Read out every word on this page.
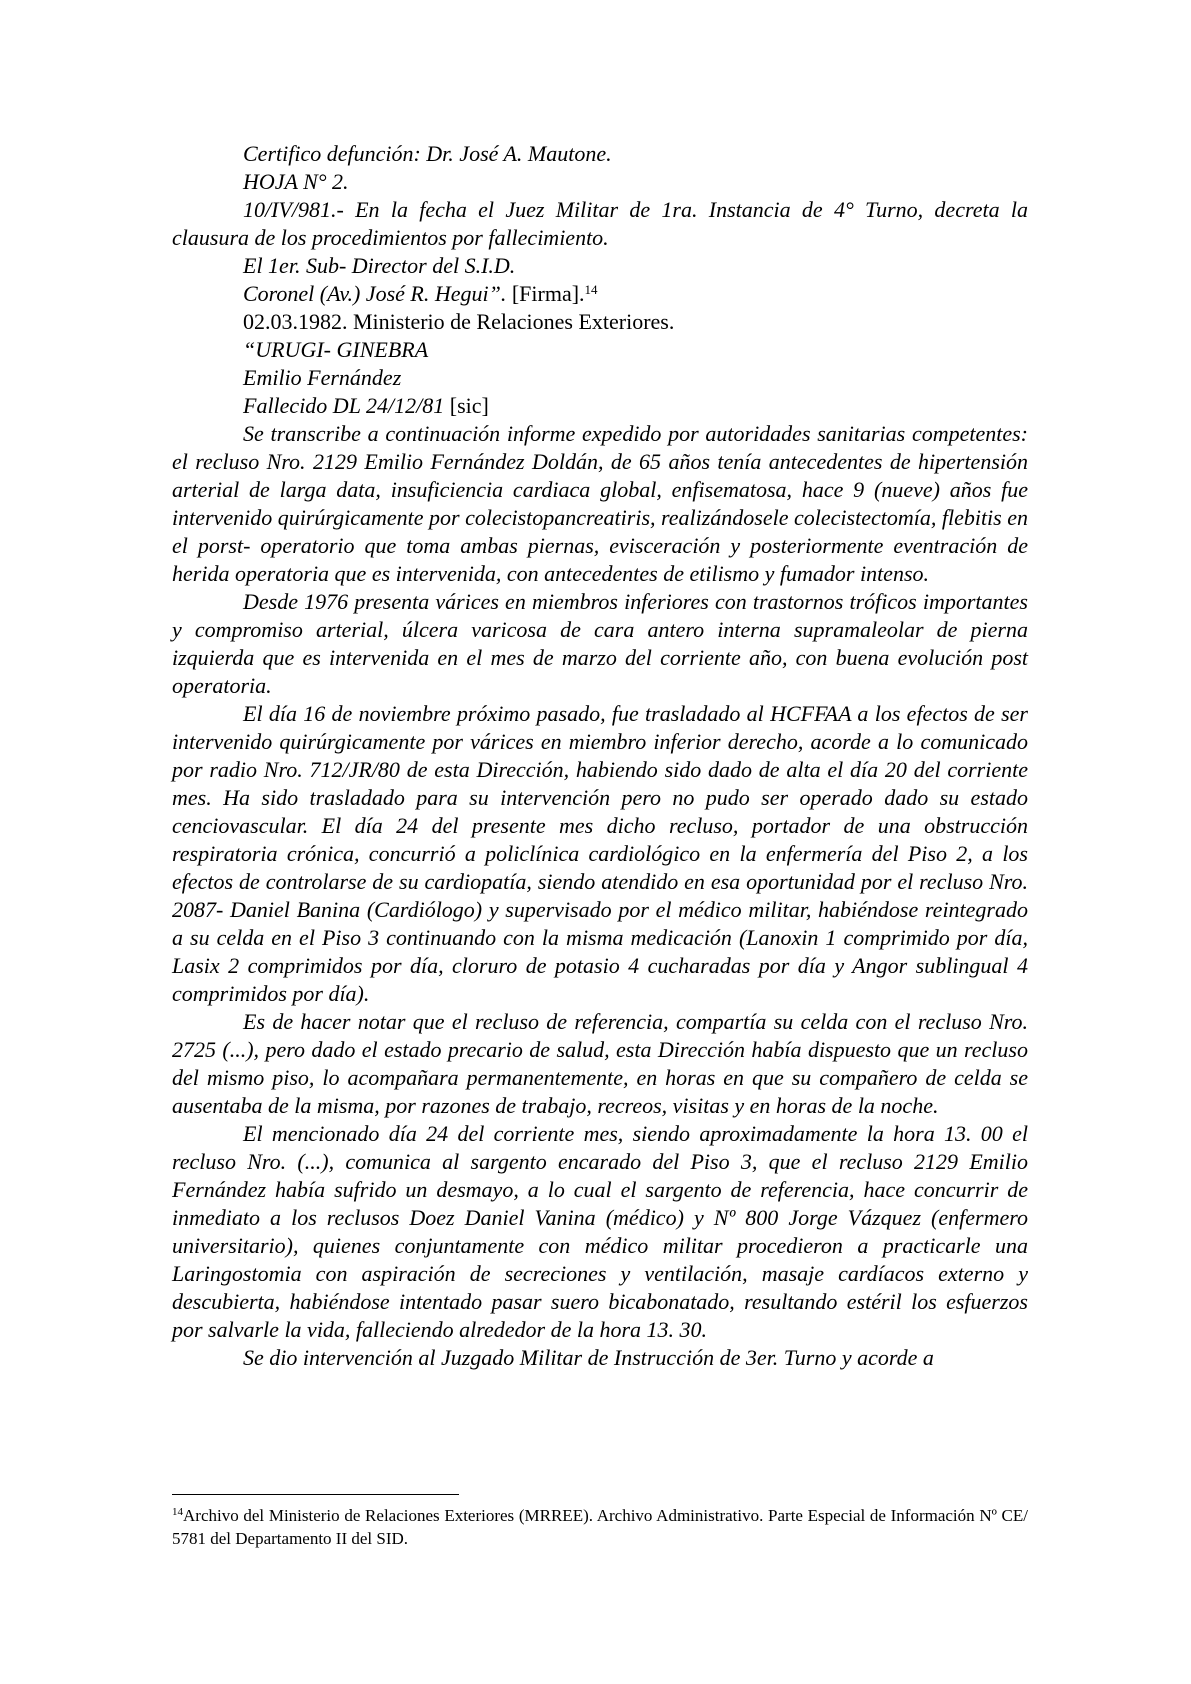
Certifico defunción: Dr. José A. Mautone.

HOJA N° 2.

10/IV/981.- En la fecha el Juez Militar de 1ra. Instancia de 4° Turno, decreta la clausura de los procedimientos por fallecimiento.

El 1er. Sub- Director del S.I.D.

Coronel (Av.) José R. Hegui”. [Firma].$^{14}$

02.03.1982. Ministerio de Relaciones Exteriores.

“URUGI- GINEBRA

Emilio Fernández

Fallecido DL 24/12/81 [sic]

Se transcribe a continuación informe expedido por autoridades sanitarias competentes: el recluso Nro. 2129 Emilio Fernández Doldán, de 65 años tenía antecedentes de hipertensión arterial de larga data, insuficiencia cardiaca global, enfisematosa, hace 9 (nueve) años fue intervenido quirúrgicamente por colecistopancreatiris, realizándosele colecistectomía, flebitis en el porst- operatorio que toma ambas piernas, evisceración y posteriormente eventración de herida operatoria que es intervenida, con antecedentes de etilismo y fumador intenso.

Desde 1976 presenta várices en miembros inferiores con trastornos tróficos importantes y compromiso arterial, úlcera varicosa de cara antero interna supramaleolar de pierna izquierda que es intervenida en el mes de marzo del corriente año, con buena evolución post operatoria.

El día 16 de noviembre próximo pasado, fue trasladado al HCFFAA a los efectos de ser intervenido quirúrgicamente por várices en miembro inferior derecho, acorde a lo comunicado por radio Nro. 712/JR/80 de esta Dirección, habiendo sido dado de alta el día 20 del corriente mes. Ha sido trasladado para su intervención pero no pudo ser operado dado su estado cenciovascular. El día 24 del presente mes dicho recluso, portador de una obstrucción respiratoria crónica, concurrió a policlínica cardiológico en la enfermería del Piso 2, a los efectos de controlarse de su cardiopatía, siendo atendido en esa oportunidad por el recluso Nro. 2087- Daniel Banina (Cardiólogo) y supervisado por el médico militar, habiéndose reintegrado a su celda en el Piso 3 continuando con la misma medicación (Lanoxin 1 comprimido por día, Lasix 2 comprimidos por día, cloruro de potasio 4 cucharadas por día y Angor sublingual 4 comprimidos por día).

Es de hacer notar que el recluso de referencia, compartía su celda con el recluso Nro. 2725 (...), pero dado el estado precario de salud, esta Dirección había dispuesto que un recluso del mismo piso, lo acompañara permanentemente, en horas en que su compañero de celda se ausentaba de la misma, por razones de trabajo, recreos, visitas y en horas de la noche.

El mencionado día 24 del corriente mes, siendo aproximadamente la hora 13. 00 el recluso Nro. (...), comunica al sargento encarado del Piso 3, que el recluso 2129 Emilio Fernández había sufrido un desmayo, a lo cual el sargento de referencia, hace concurrir de inmediato a los reclusos Doez Daniel Vanina (médico) y Nº 800 Jorge Vázquez (enfermero universitario), quienes conjuntamente con médico militar procedieron a practicarle una Laringostomia con aspiración de secreciones y ventilación, masaje cardíacos externo y descubierta, habiéndose intentado pasar suero bicabonatado, resultando estéril los esfuerzos por salvarle la vida, falleciendo alrededor de la hora 13. 30.

Se dio intervención al Juzgado Militar de Instrucción de 3er. Turno y acorde a

$^{14}$Archivo del Ministerio de Relaciones Exteriores (MRREE). Archivo Administrativo. Parte Especial de Información Nº CE/ 5781 del Departamento II del SID.
